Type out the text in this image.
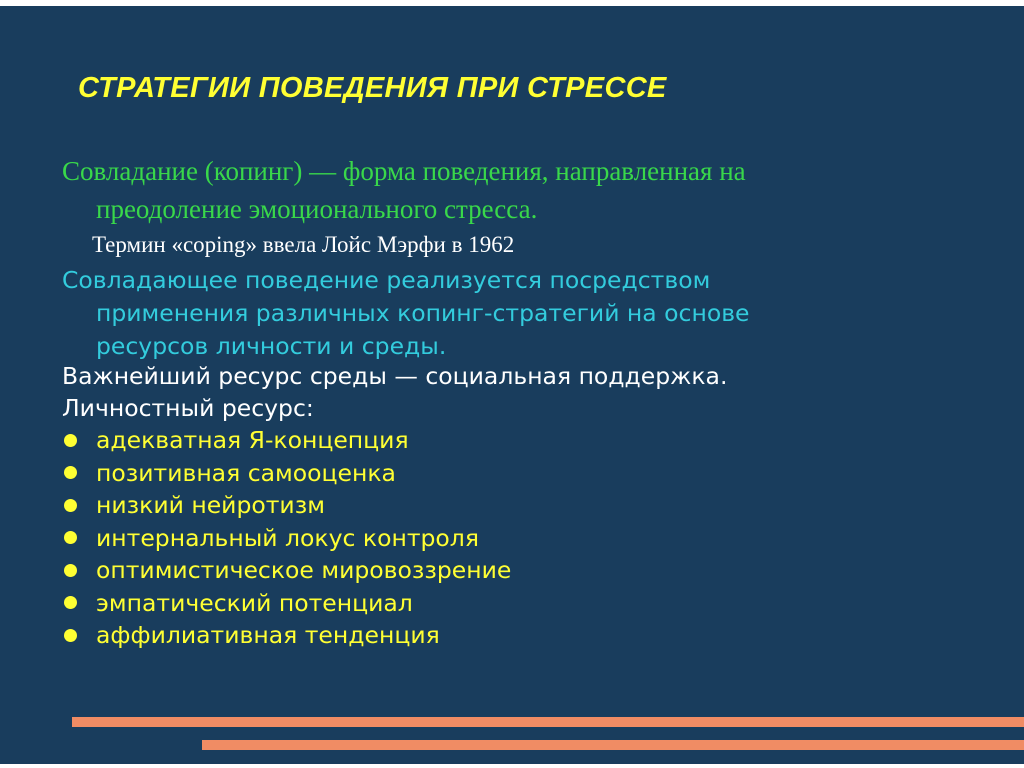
СТРАТЕГИИ ПОВЕДЕНИЯ ПРИ СТРЕССЕ
Совладание (копинг) — форма поведения, направленная на
преодоление эмоционального стресса.
Термин «coping» ввела Лойс Мэрфи в 1962
Совладающее поведение реализуется посредством
применения различных копинг-стратегий на основе
ресурсов личности и среды.
Важнейший ресурс среды — социальная поддержка.
Личностный ресурс:
адекватная Я-концепция
позитивная самооценка
низкий нейротизм
интернальный локус контроля
оптимистическое мировоззрение
эмпатический потенциал
аффилиативная тенденция
